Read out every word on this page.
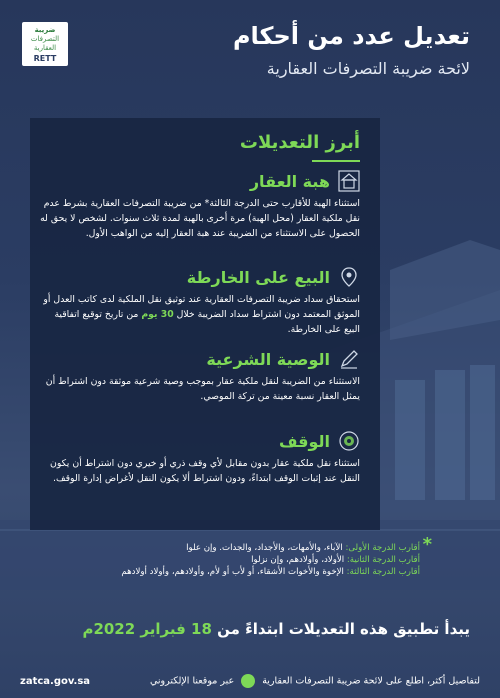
تعديل عدد من أحكام
لائحة ضريبة التصرفات العقارية
ضريبة
التصرفات
العقارية
RETT
أبرز التعديلات
هبة العقار
استثناء الهبة للأقارب حتى الدرجة الثالثة* من ضريبة التصرفات العقارية بشرط عدم نقل ملكية العقار (محل الهبة) مرة أخرى بالهبة لمدة ثلاث سنوات. لشخص لا يحق له الحصول على الاستثناء من الضريبة عند هبة العقار إليه من الواهب الأول.
البيع على الخارطة
استحقاق سداد ضريبة التصرفات العقارية عند توثيق نقل الملكية لدى كاتب العدل أو الموثق المعتمد دون اشتراط سداد الضريبة خلال 30 يوم من تاريخ توقيع اتفاقية البيع على الخارطة.
الوصية الشرعية
الاستثناء من الضريبة لنقل ملكية عقار بموجب وصية شرعية موثقة دون اشتراط أن يمثل العقار نسبة معينة من تركة الموصي.
الوقف
استثناء نقل ملكية عقار بدون مقابل لأي وقف ذري أو خيري دون اشتراط أن يكون النقل عند إثبات الوقف ابتداءً، ودون اشتراط ألا يكون النقل لأغراض إدارة الوقف.
*
أقارب الدرجة الأولى: الآباء، والأمهات، والأجداد، والجدات. وإن علوا
أقارب الدرجة الثانية: الأولاد، وأولادهم، وإن نزلوا
أقارب الدرجة الثالثة: الإخوة والأخوات الأشقاء، أو لأب أو لأم، وأولادهم، وأولاد أولادهم
يبدأ تطبيق هذه التعديلات ابتداءً من 18 فبراير 2022م
لتفاصيل أكثر، اطلع على لائحة ضريبة التصرفات العقارية  عبر موقعنا الإلكتروني
zatca.gov.sa
